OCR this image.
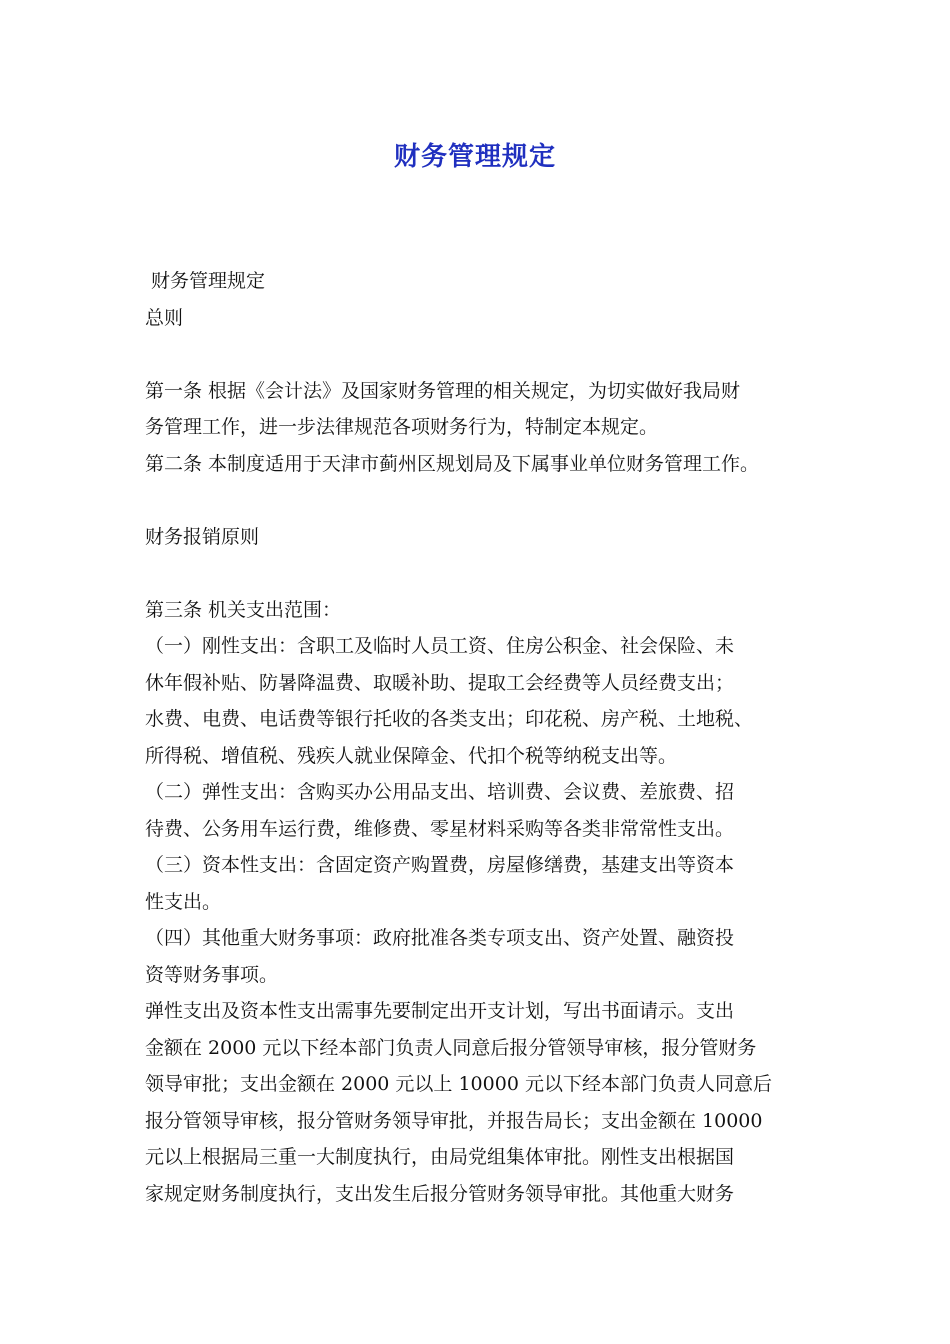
财务管理规定
财务管理规定
总则
第一条 根据《会计法》及国家财务管理的相关规定，为切实做好我局财
务管理工作，进一步法律规范各项财务行为，特制定本规定。
第二条 本制度适用于天津市蓟州区规划局及下属事业单位财务管理工作。
财务报销原则
第三条 机关支出范围：
（一）刚性支出：含职工及临时人员工资、住房公积金、社会保险、未
休年假补贴、防暑降温费、取暖补助、提取工会经费等人员经费支出；
水费、电费、电话费等银行托收的各类支出；印花税、房产税、土地税、
所得税、增值税、残疾人就业保障金、代扣个税等纳税支出等。
（二）弹性支出：含购买办公用品支出、培训费、会议费、差旅费、招
待费、公务用车运行费，维修费、零星材料采购等各类非常常性支出。
（三）资本性支出：含固定资产购置费，房屋修缮费，基建支出等资本
性支出。
（四）其他重大财务事项：政府批准各类专项支出、资产处置、融资投
资等财务事项。
弹性支出及资本性支出需事先要制定出开支计划，写出书面请示。支出
金额在 2000 元以下经本部门负责人同意后报分管领导审核，报分管财务
领导审批；支出金额在 2000 元以上 10000 元以下经本部门负责人同意后
报分管领导审核，报分管财务领导审批，并报告局长；支出金额在 10000
元以上根据局三重一大制度执行，由局党组集体审批。刚性支出根据国
家规定财务制度执行，支出发生后报分管财务领导审批。其他重大财务
